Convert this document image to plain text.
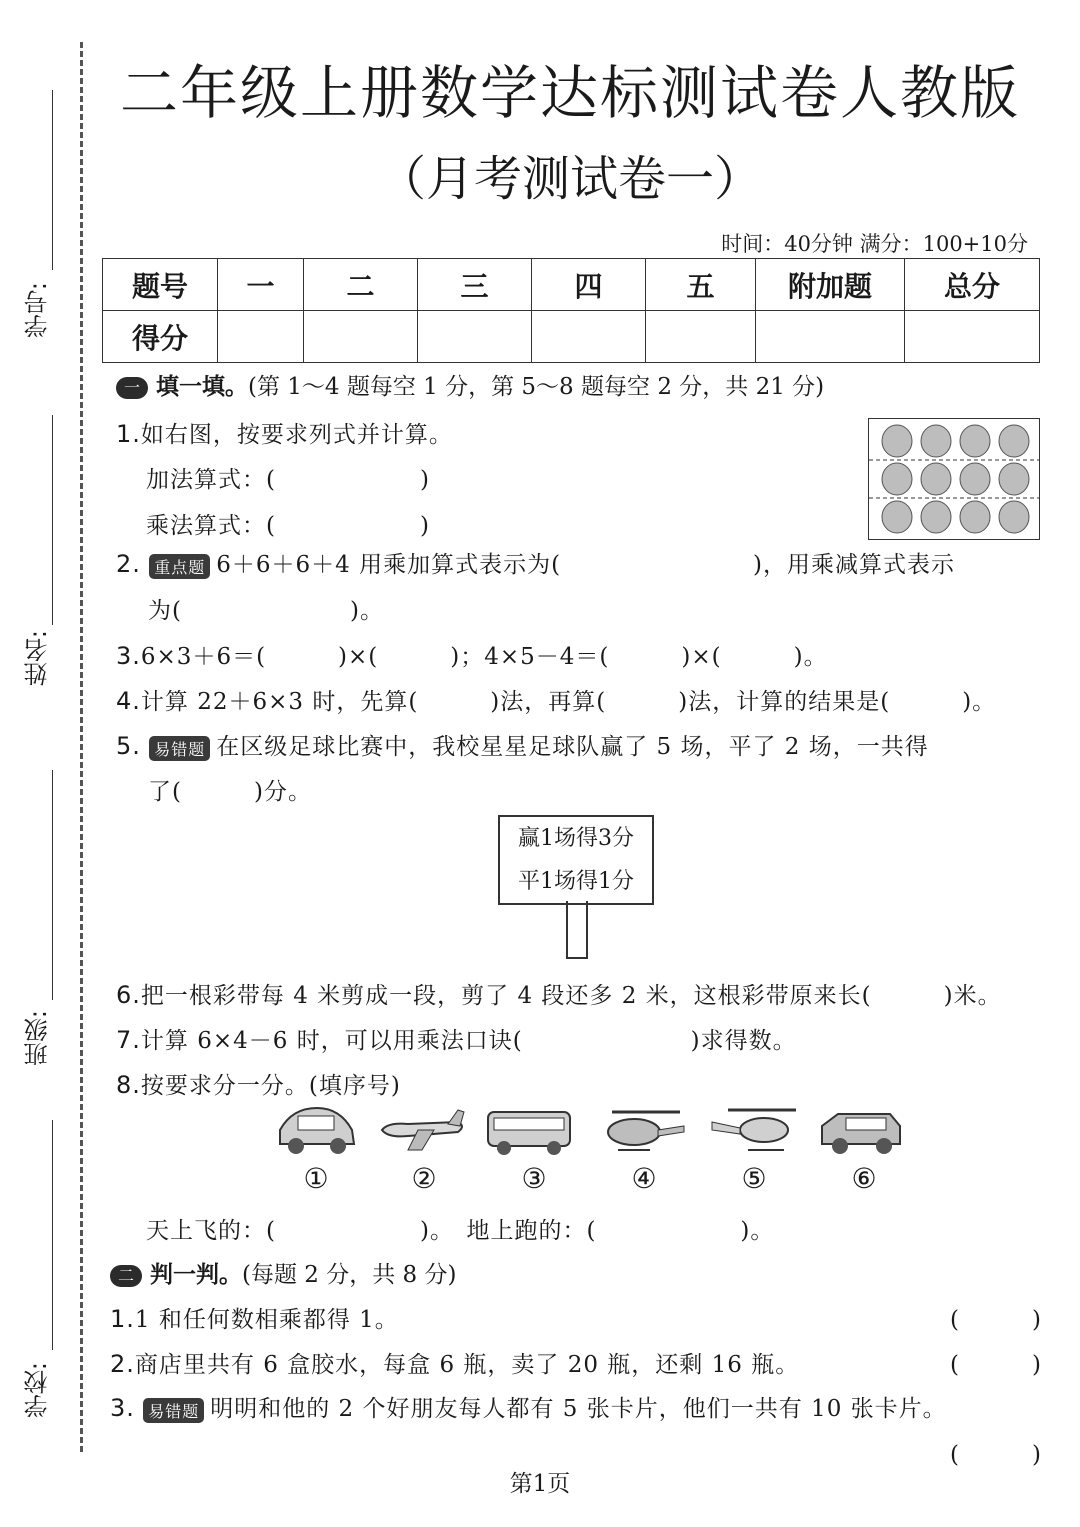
学号:
姓名:
班级:
学校:
二年级上册数学达标测试卷人教版
（月考测试卷一）
时间：40分钟 满分：100+10分
题号	一	二	三	四	五	附加题	总分
得分							
一 填一填。(第 1～4 题每空 1 分，第 5～8 题每空 2 分，共 21 分)
1.如右图，按要求列式并计算。
加法算式：(　　　　　　)
乘法算式：(　　　　　　)
2. 重点题 6＋6＋6＋4 用乘加算式表示为(　　　　　　　　)，用乘减算式表示
为(　　　　　　　)。
3.6×3＋6＝(　　　)×(　　　)；4×5－4＝(　　　)×(　　　)。
4.计算 22＋6×3 时，先算(　　　)法，再算(　　　)法，计算的结果是(　　　)。
5. 易错题 在区级足球比赛中，我校星星足球队赢了 5 场，平了 2 场，一共得
了(　　　)分。
赢1场得3分
平1场得1分
6.把一根彩带每 4 米剪成一段，剪了 4 段还多 2 米，这根彩带原来长(　　　)米。
7.计算 6×4－6 时，可以用乘法口诀(　　　　　　　)求得数。
8.按要求分一分。(填序号)
①	②	③	④	⑤	⑥
天上飞的：(　　　　　　)。　地上跑的：(　　　　　　)。
二 判一判。(每题 2 分，共 8 分)
1.1 和任何数相乘都得 1。	(　　　)
2.商店里共有 6 盒胶水，每盒 6 瓶，卖了 20 瓶，还剩 16 瓶。	(　　　)
3. 易错题 明明和他的 2 个好朋友每人都有 5 张卡片，他们一共有 10 张卡片。
(　　　)
第1页
